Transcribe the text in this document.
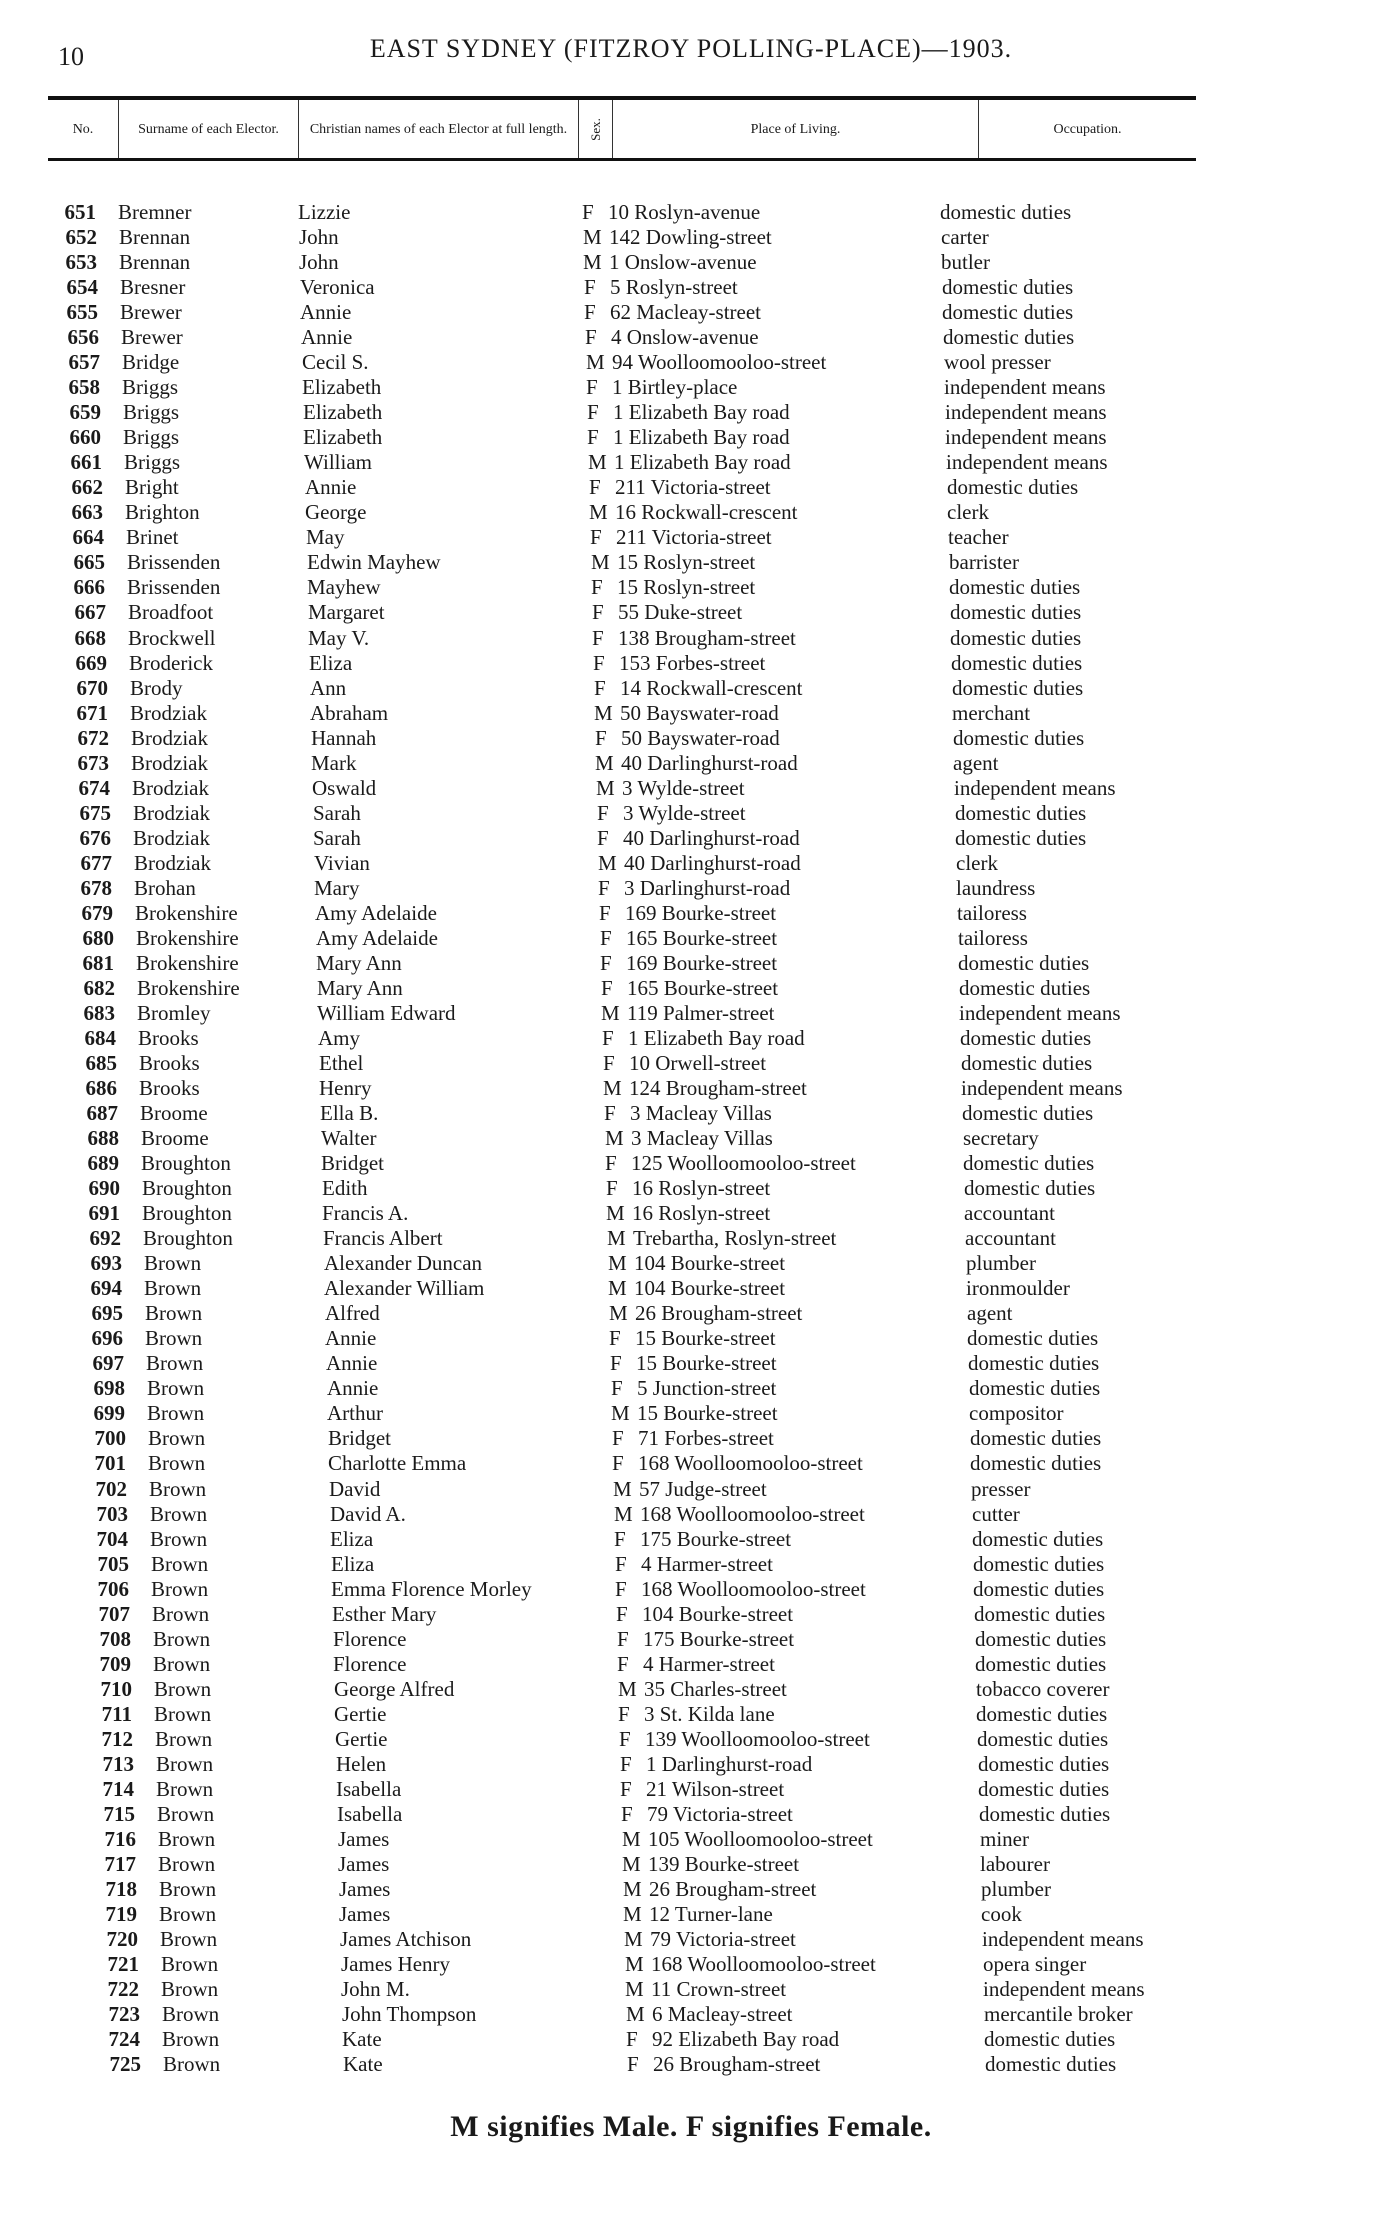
10	EAST SYDNEY (FITZROY POLLING-PLACE)—1903.
No.	Surname of each Elector.	Christian names of each Elector at full length.	Sex.	Place of Living.	Occupation.
651 Bremner	Lizzie	F 10 Roslyn-avenue	domestic duties
652 Brennan	John	M 142 Dowling-street	carter
653 Brennan	John	M 1 Onslow-avenue	butler
654 Bresner	Veronica	F 5 Roslyn-street	domestic duties
655 Brewer	Annie	F 62 Macleay-street	domestic duties
656 Brewer	Annie	F 4 Onslow-avenue	domestic duties
657 Bridge	Cecil S.	M 94 Woolloomooloo-street	wool presser
658 Briggs	Elizabeth	F 1 Birtley-place	independent means
659 Briggs	Elizabeth	F 1 Elizabeth Bay road	independent means
660 Briggs	Elizabeth	F 1 Elizabeth Bay road	independent means
661 Briggs	William	M 1 Elizabeth Bay road	independent means
662 Bright	Annie	F 211 Victoria-street	domestic duties
663 Brighton	George	M 16 Rockwall-crescent	clerk
664 Brinet	May	F 211 Victoria-street	teacher
665 Brissenden	Edwin Mayhew	M 15 Roslyn-street	barrister
666 Brissenden	Mayhew	F 15 Roslyn-street	domestic duties
667 Broadfoot	Margaret	F 55 Duke-street	domestic duties
668 Brockwell	May V.	F 138 Brougham-street	domestic duties
669 Broderick	Eliza	F 153 Forbes-street	domestic duties
670 Brody	Ann	F 14 Rockwall-crescent	domestic duties
671 Brodziak	Abraham	M 50 Bayswater-road	merchant
672 Brodziak	Hannah	F 50 Bayswater-road	domestic duties
673 Brodziak	Mark	M 40 Darlinghurst-road	agent
674 Brodziak	Oswald	M 3 Wylde-street	independent means
675 Brodziak	Sarah	F 3 Wylde-street	domestic duties
676 Brodziak	Sarah	F 40 Darlinghurst-road	domestic duties
677 Brodziak	Vivian	M 40 Darlinghurst-road	clerk
678 Brohan	Mary	F 3 Darlinghurst-road	laundress
679 Brokenshire	Amy Adelaide	F 169 Bourke-street	tailoress
680 Brokenshire	Amy Adelaide	F 165 Bourke-street	tailoress
681 Brokenshire	Mary Ann	F 169 Bourke-street	domestic duties
682 Brokenshire	Mary Ann	F 165 Bourke-street	domestic duties
683 Bromley	William Edward	M 119 Palmer-street	independent means
684 Brooks	Amy	F 1 Elizabeth Bay road	domestic duties
685 Brooks	Ethel	F 10 Orwell-street	domestic duties
686 Brooks	Henry	M 124 Brougham-street	independent means
687 Broome	Ella B.	F 3 Macleay Villas	domestic duties
688 Broome	Walter	M 3 Macleay Villas	secretary
689 Broughton	Bridget	F 125 Woolloomooloo-street	domestic duties
690 Broughton	Edith	F 16 Roslyn-street	domestic duties
691 Broughton	Francis A.	M 16 Roslyn-street	accountant
692 Broughton	Francis Albert	M Trebartha, Roslyn-street	accountant
693 Brown	Alexander Duncan	M 104 Bourke-street	plumber
694 Brown	Alexander William	M 104 Bourke-street	ironmoulder
695 Brown	Alfred	M 26 Brougham-street	agent
696 Brown	Annie	F 15 Bourke-street	domestic duties
697 Brown	Annie	F 15 Bourke-street	domestic duties
698 Brown	Annie	F 5 Junction-street	domestic duties
699 Brown	Arthur	M 15 Bourke-street	compositor
700 Brown	Bridget	F 71 Forbes-street	domestic duties
701 Brown	Charlotte Emma	F 168 Woolloomooloo-street	domestic duties
702 Brown	David	M 57 Judge-street	presser
703 Brown	David A.	M 168 Woolloomooloo-street	cutter
704 Brown	Eliza	F 175 Bourke-street	domestic duties
705 Brown	Eliza	F 4 Harmer-street	domestic duties
706 Brown	Emma Florence Morley	F 168 Woolloomooloo-street	domestic duties
707 Brown	Esther Mary	F 104 Bourke-street	domestic duties
708 Brown	Florence	F 175 Bourke-street	domestic duties
709 Brown	Florence	F 4 Harmer-street	domestic duties
710 Brown	George Alfred	M 35 Charles-street	tobacco coverer
711 Brown	Gertie	F 3 St. Kilda lane	domestic duties
712 Brown	Gertie	F 139 Woolloomooloo-street	domestic duties
713 Brown	Helen	F 1 Darlinghurst-road	domestic duties
714 Brown	Isabella	F 21 Wilson-street	domestic duties
715 Brown	Isabella	F 79 Victoria-street	domestic duties
716 Brown	James	M 105 Woolloomooloo-street	miner
717 Brown	James	M 139 Bourke-street	labourer
718 Brown	James	M 26 Brougham-street	plumber
719 Brown	James	M 12 Turner-lane	cook
720 Brown	James Atchison	M 79 Victoria-street	independent means
721 Brown	James Henry	M 168 Woolloomooloo-street	opera singer
722 Brown	John M.	M 11 Crown-street	independent means
723 Brown	John Thompson	M 6 Macleay-street	mercantile broker
724 Brown	Kate	F 92 Elizabeth Bay road	domestic duties
725 Brown	Kate	F 26 Brougham-street	domestic duties
M signifies Male. F signifies Female.
